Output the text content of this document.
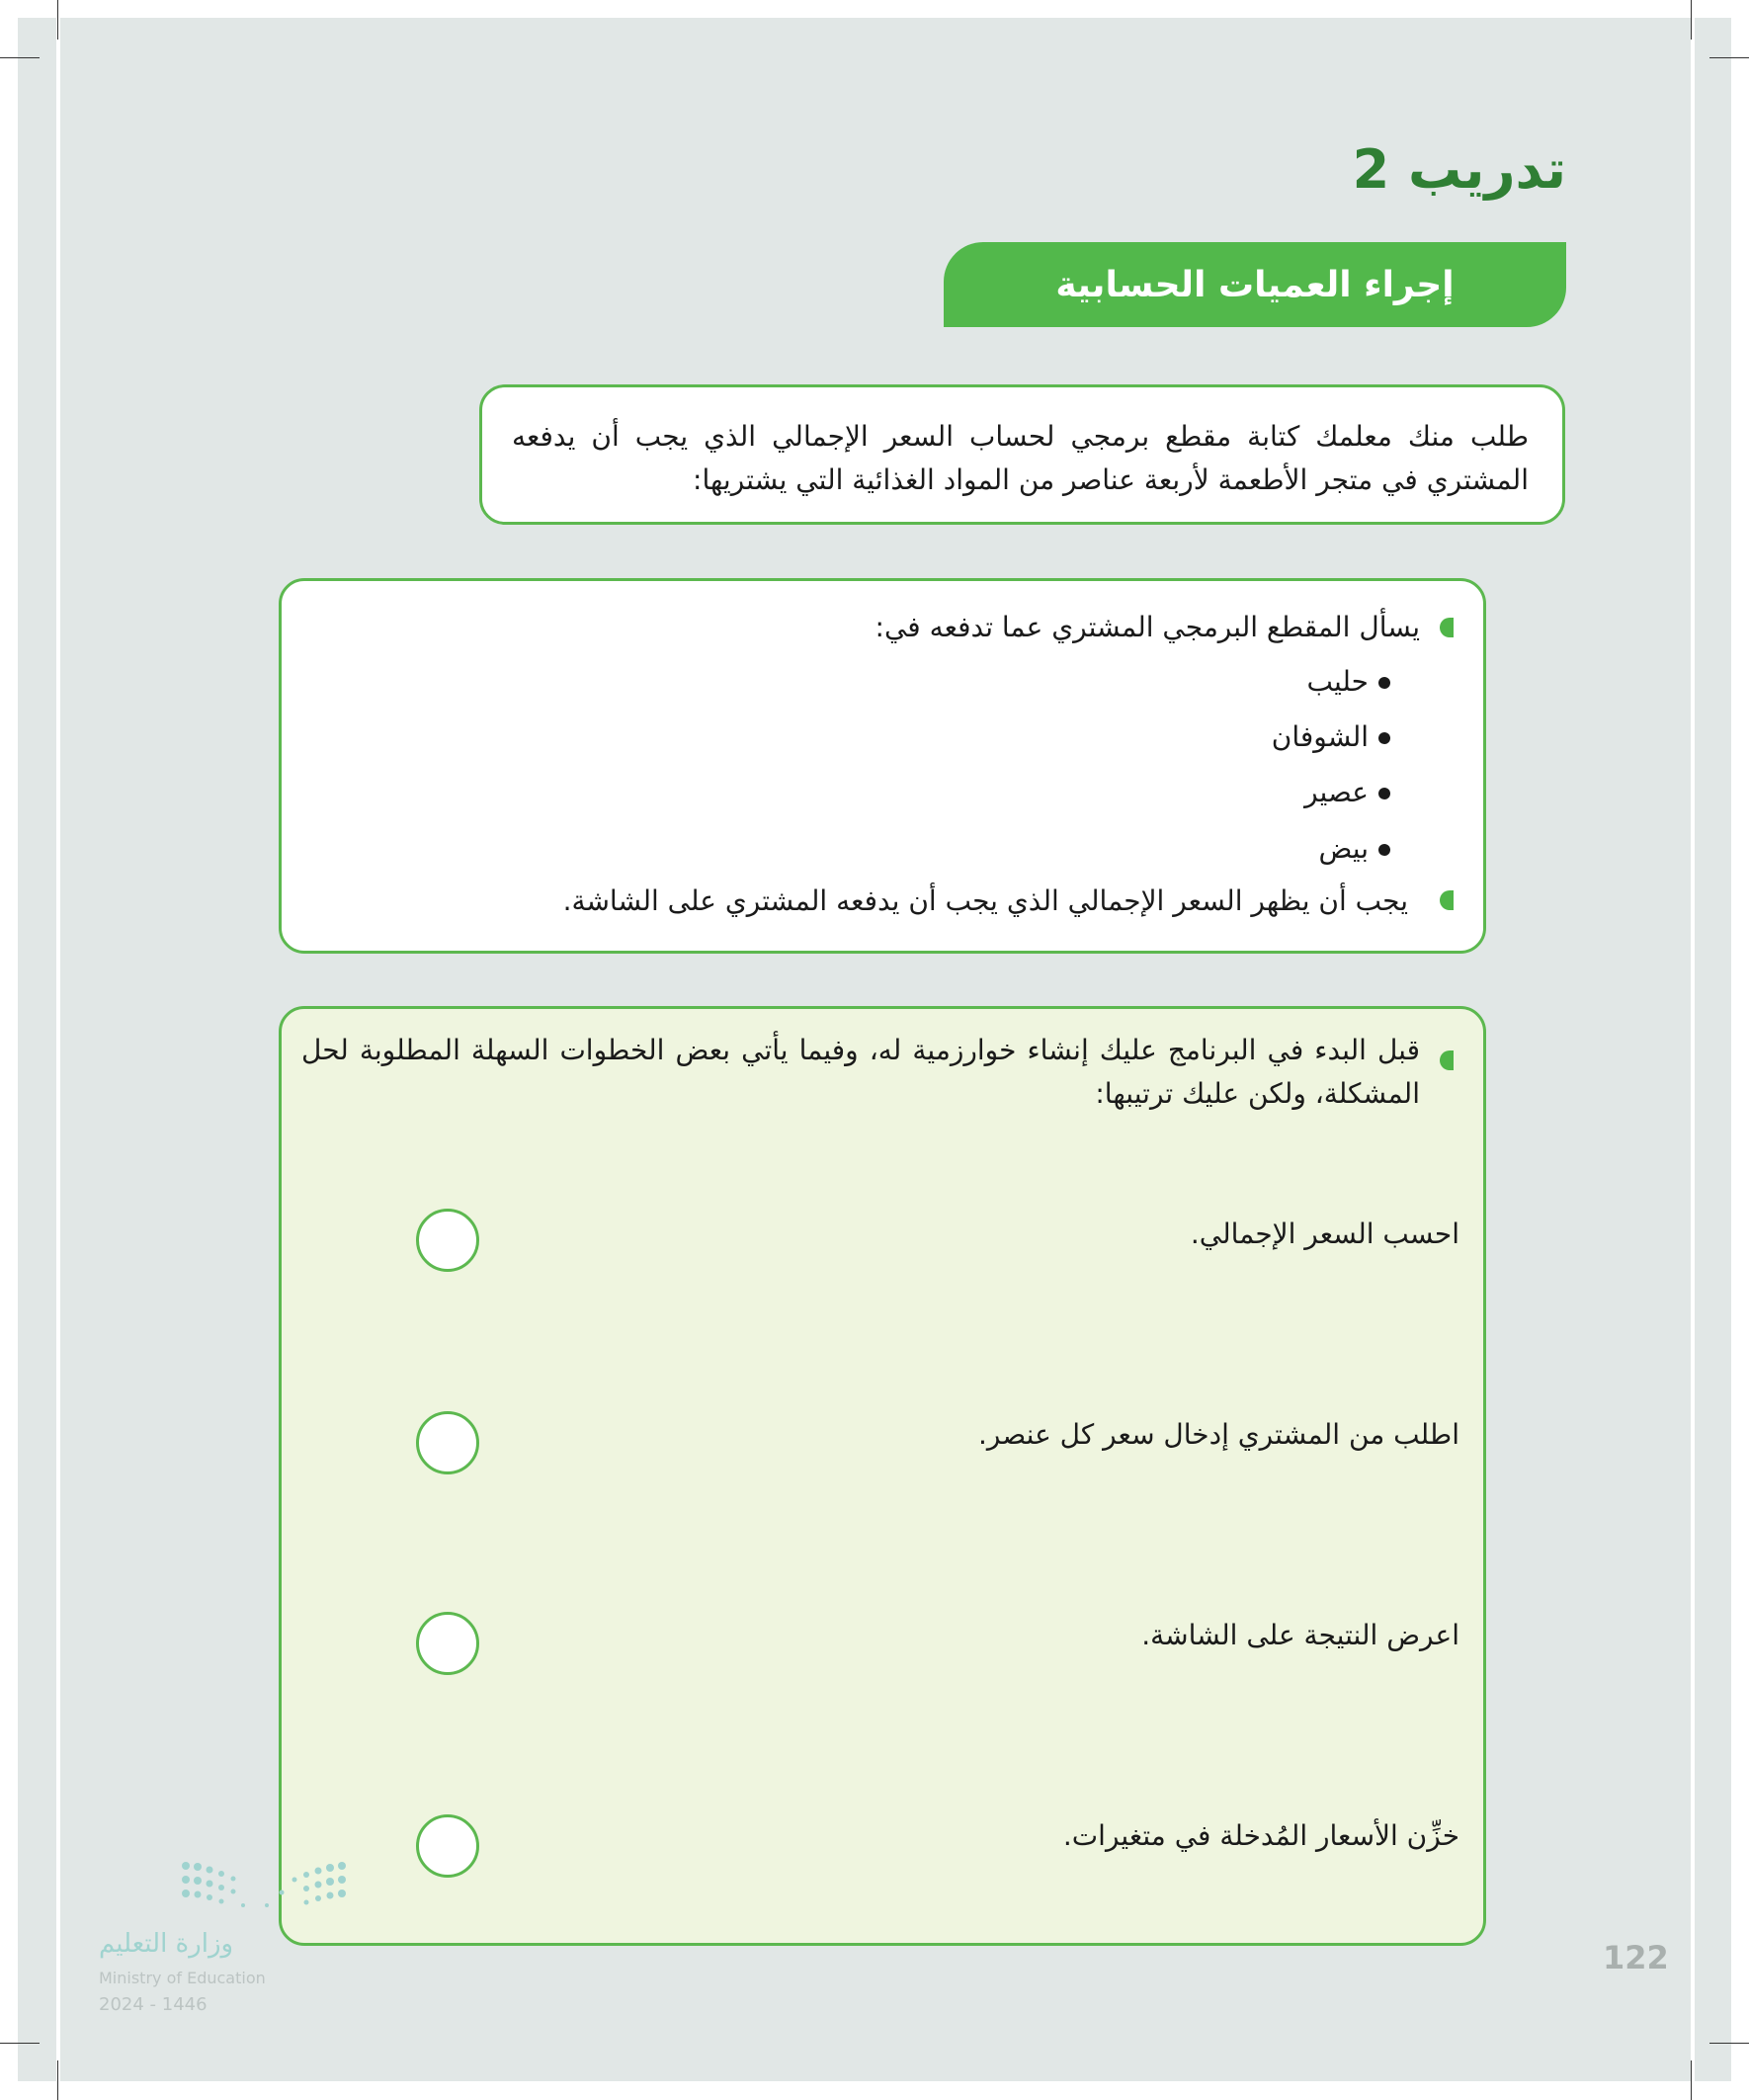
تدريب 2
إجراء العميات الحسابية
طلب منك معلمك كتابة مقطع برمجي لحساب السعر الإجمالي الذي يجب أن يدفعه المشتري في متجر الأطعمة لأربعة عناصر من المواد الغذائية التي يشتريها:
يسأل المقطع البرمجي المشتري عما تدفعه في:
حليب
الشوفان
عصير
بيض
يجب أن يظهر السعر الإجمالي الذي يجب أن يدفعه المشتري على الشاشة.
قبل البدء في البرنامج عليك إنشاء خوارزمية له، وفيما يأتي بعض الخطوات السهلة المطلوبة لحل المشكلة، ولكن عليك ترتيبها:
احسب السعر الإجمالي.
اطلب من المشتري إدخال سعر كل عنصر.
اعرض النتيجة على الشاشة.
خزِّن الأسعار المُدخلة في متغيرات.
وزارة التعليم
Ministry of Education
2024 - 1446
122
